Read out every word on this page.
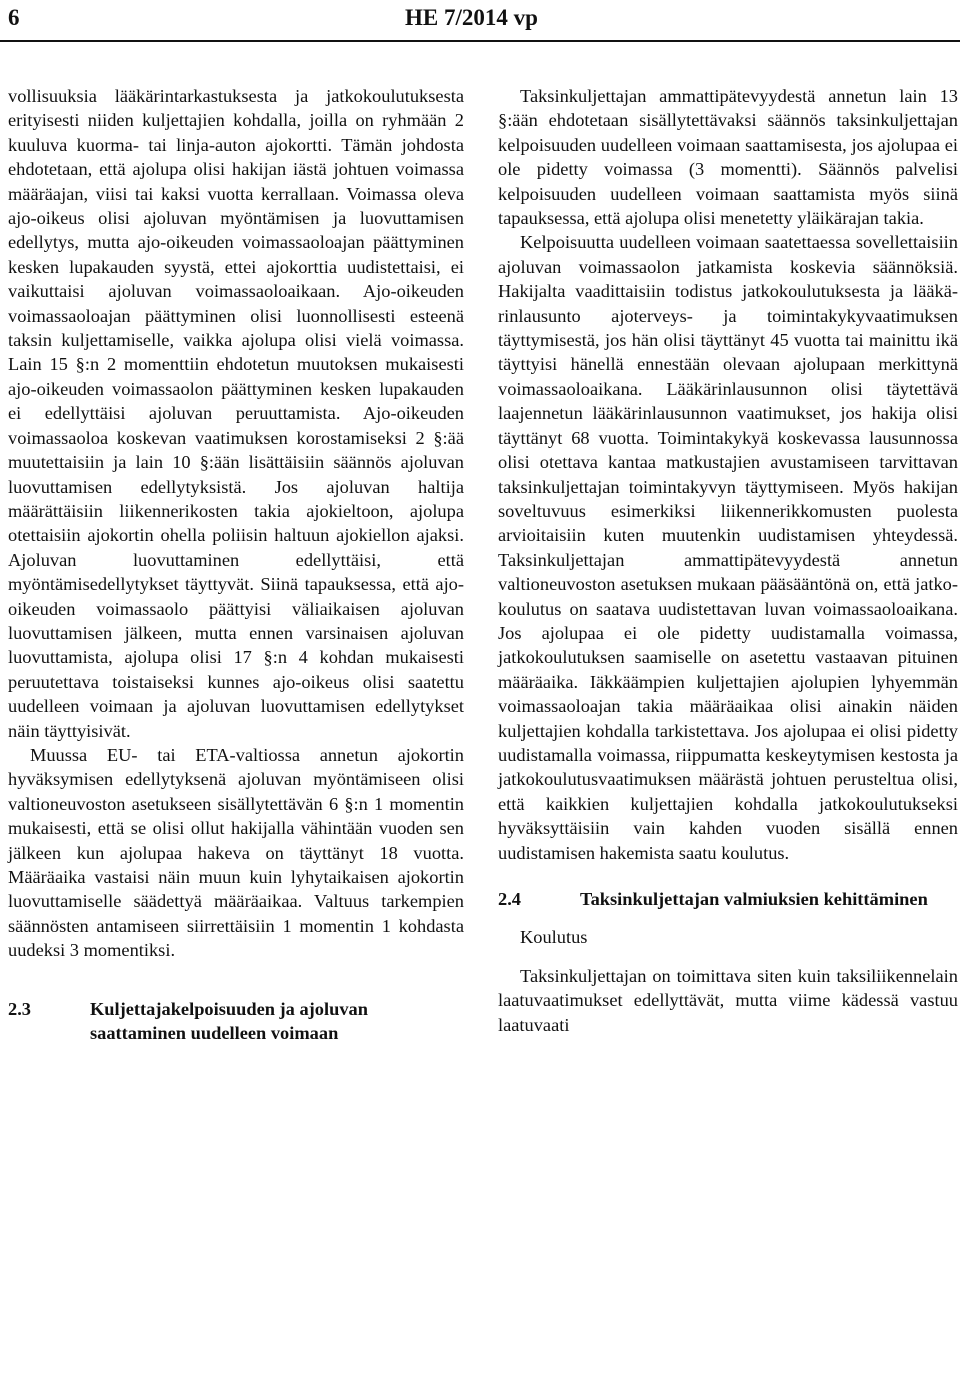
6	HE 7/2014 vp

vollisuuksia lääkärintarkastuksesta ja jatkokoulutuksesta erityisesti niiden kuljettajien kohdalla, joilla on ryhmään 2 kuuluva kuorma- tai linja-auton ajokortti. Tämän johdosta ehdotetaan, että ajolupa olisi hakijan iästä johtuen voimassa määräajan, viisi tai kaksi vuotta kerrallaan. Voimassa oleva ajo-oikeus olisi ajoluvan myöntämisen ja luovuttamisen edellytys, mutta ajo-oikeuden voimassaoloajan päättyminen kesken lupakauden syystä, ettei ajokorttia uudistettaisi, ei vaikuttaisi ajoluvan voimassaoloaikaan. Ajo-oikeuden voimassaoloajan päättyminen olisi luonnollisesti esteenä taksin kuljettamiselle, vaikka ajolupa olisi vielä voimassa. Lain 15 §:n 2 momenttiin ehdotetun muutoksen mukaisesti ajo-oikeuden voimassaolon päättyminen kesken lupakauden ei edellyttäisi ajoluvan peruuttamista. Ajo-oikeuden voimassaoloa koskevan vaatimuksen korostamiseksi 2 §:ää muutettaisiin ja lain 10 §:ään lisättäisiin säännös ajoluvan luovuttamisen edellytyksistä. Jos ajoluvan haltija määrättäisiin liikennerikosten takia ajokieltoon, ajolupa otettaisiin ajokortin ohella poliisin haltuun ajokiellon ajaksi. Ajoluvan luovuttaminen edellyttäisi, että myöntämisedellytykset täyttyvät. Siinä tapauksessa, että ajo-oikeuden voimassaolo päättyisi väliaikaisen ajoluvan luovuttamisen jälkeen, mutta ennen varsinaisen ajoluvan luovuttamista, ajolupa olisi 17 §:n 4 kohdan mukaisesti peruutettava toistaiseksi kunnes ajo-oikeus olisi saatettu uudelleen voimaan ja ajoluvan luovuttamisen edellytykset näin täyttyisivät.

Muussa EU- tai ETA-valtiossa annetun ajokortin hyväksymisen edellytyksenä ajoluvan myöntämiseen olisi valtioneuvoston asetukseen sisällytettävän 6 §:n 1 momentin mukaisesti, että se olisi ollut hakijalla vähintään vuoden sen jälkeen kun ajolupaa hakeva on täyttänyt 18 vuotta. Määräaika vastaisi näin muun kuin lyhytaikaisen ajokortin luovuttamiselle säädettyä määräaikaa. Valtuus tarkempien säännösten antamiseen siirrettäisiin 1 momentin 1 kohdasta uudeksi 3 momentiksi.

2.3	Kuljettajakelpoisuuden ja ajoluvan saattaminen uudelleen voimaan

Taksinkuljettajan ammattipätevyydestä annetun lain 13 §:ään ehdotetaan sisällytettävaksi säännös taksinkuljettajan kelpoisuuden uudelleen voimaan saattamisesta, jos ajolupaa ei ole pidetty voimassa (3 momentti). Säännös palvelisi kelpoisuuden uudelleen voimaan saattamista myös siinä tapauksessa, että ajolupa olisi menetetty yläikärajan takia.

Kelpoisuutta uudelleen voimaan saatettaessa sovellettaisiin ajoluvan voimassaolon jatkamista koskevia säännöksiä. Hakijalta vaadittaisiin todistus jatkokoulutuksesta ja lääkärinlausunto ajoterveys- ja toimintakykyvaatimuksen täyttymisestä, jos hän olisi täyttänyt 45 vuotta tai mainittu ikä täyttyisi hänellä ennestään olevaan ajolupaan merkittynä voimassaoloaikana. Lääkärinlausunnon olisi täytettävä laajennetun lääkärinlausunnon vaatimukset, jos hakija olisi täyttänyt 68 vuotta. Toimintakykyä koskevassa lausunnossa olisi otettava kantaa matkustajien avustamiseen tarvittavan taksinkuljettajan toimintakyvyn täyttymiseen. Myös hakijan soveltuvuus esimerkiksi liikennerikkomusten puolesta arvioitaisiin kuten muutenkin uudistamisen yhteydessä. Taksinkuljettajan ammattipätevyydestä annetun valtioneuvoston asetuksen mukaan pääsääntönä on, että jatkokoulutus on saatava uudistettavan luvan voimassaoloaikana. Jos ajolupaa ei ole pidetty uudistamalla voimassa, jatkokoulutuksen saamiselle on asetettu vastaavan pituinen määräaika. Iäkkäämpien kuljettajien ajolupien lyhyemmän voimassaoloajan takia määräaikaa olisi ainakin näiden kuljettajien kohdalla tarkistettava. Jos ajolupaa ei olisi pidetty uudistamalla voimassa, riippumatta keskeytymisen kestosta ja jatkokoulutusvaatimuksen määrästä johtuen perusteltua olisi, että kaikkien kuljettajien kohdalla jatkokoulutukseksi hyväksyttäisiin vain kahden vuoden sisällä ennen uudistamisen hakemista saatu koulutus.

2.4	Taksinkuljettajan valmiuksien kehittäminen
Koulutus

Taksinkuljettajan on toimittava siten kuin taksiliikennelain laatuvaatimukset edellyttävät, mutta viime kädessä vastuu laatuvaati
